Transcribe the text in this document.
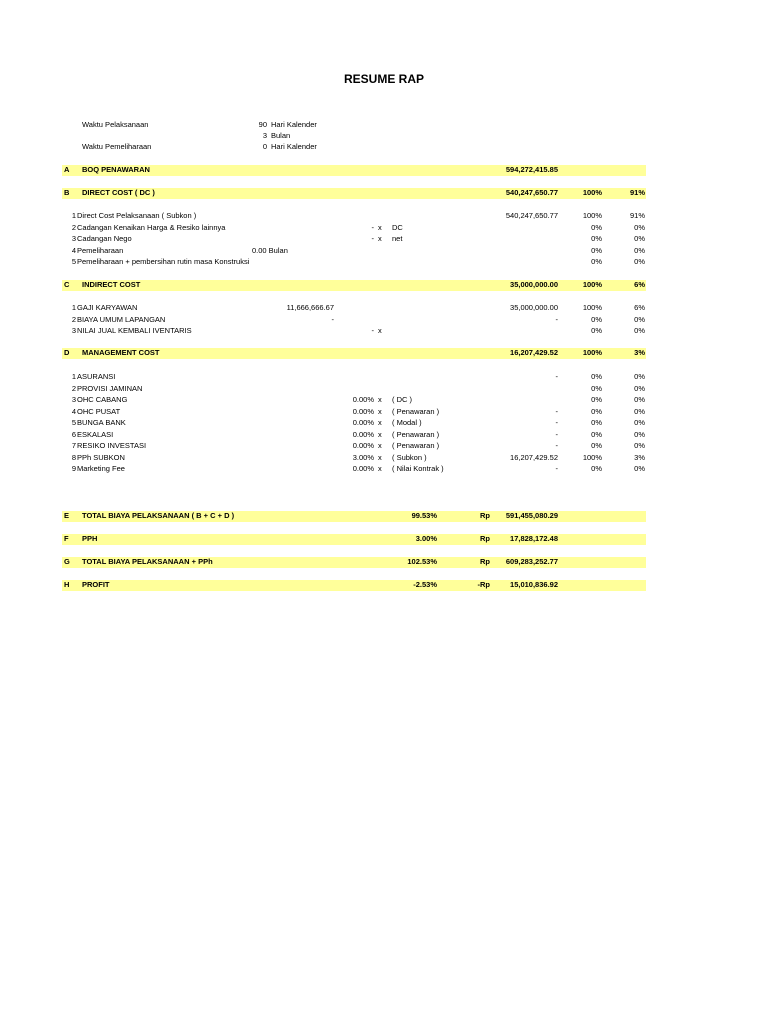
RESUME RAP
Waktu Pelaksanaan	90 Hari Kalender
3 Bulan
Waktu Pemeliharaan	0 Hari Kalender
A BOQ PENAWARAN	594,272,415.85
B DIRECT COST ( DC )	540,247,650.77	100%	91%
1 Direct Cost Pelaksanaan ( Subkon )	540,247,650.77	100%	91%
2 Cadangan Kenaikan Harga & Resiko lainnya	- x DC	0%	0%
3 Cadangan Nego	- x net	0%	0%
4 Pemeliharaan	0.00 Bulan	0%	0%
5 Pemeliharaan + pembersihan rutin masa Konstruksi	0%	0%
C INDIRECT COST	35,000,000.00	100%	6%
1 GAJI KARYAWAN	11,666,666.67	35,000,000.00	100%	6%
2 BIAYA UMUM LAPANGAN	-	-	0%	0%
3 NILAI JUAL KEMBALI IVENTARIS	- x	0%	0%
D MANAGEMENT COST	16,207,429.52	100%	3%
1 ASURANSI	-	0%	0%
2 PROVISI JAMINAN	0%	0%
3 OHC CABANG	0.00% x ( DC )	0%	0%
4 OHC PUSAT	0.00% x ( Penawaran )	-	0%	0%
5 BUNGA BANK	0.00% x ( Modal )	-	0%	0%
6 ESKALASI	0.00% x ( Penawaran )	-	0%	0%
7 RESIKO INVESTASI	0.00% x ( Penawaran )	-	0%	0%
8 PPh SUBKON	3.00% x ( Subkon )	16,207,429.52	100%	3%
9 Marketing Fee	0.00% x ( Nilai Kontrak )	-	0%	0%
E TOTAL BIAYA PELAKSANAAN ( B + C + D )	99.53%	Rp	591,455,080.29
F PPH	3.00%	Rp	17,828,172.48
G TOTAL BIAYA PELAKSANAAN + PPh	102.53%	Rp	609,283,252.77
H PROFIT	-2.53%	-Rp	15,010,836.92
